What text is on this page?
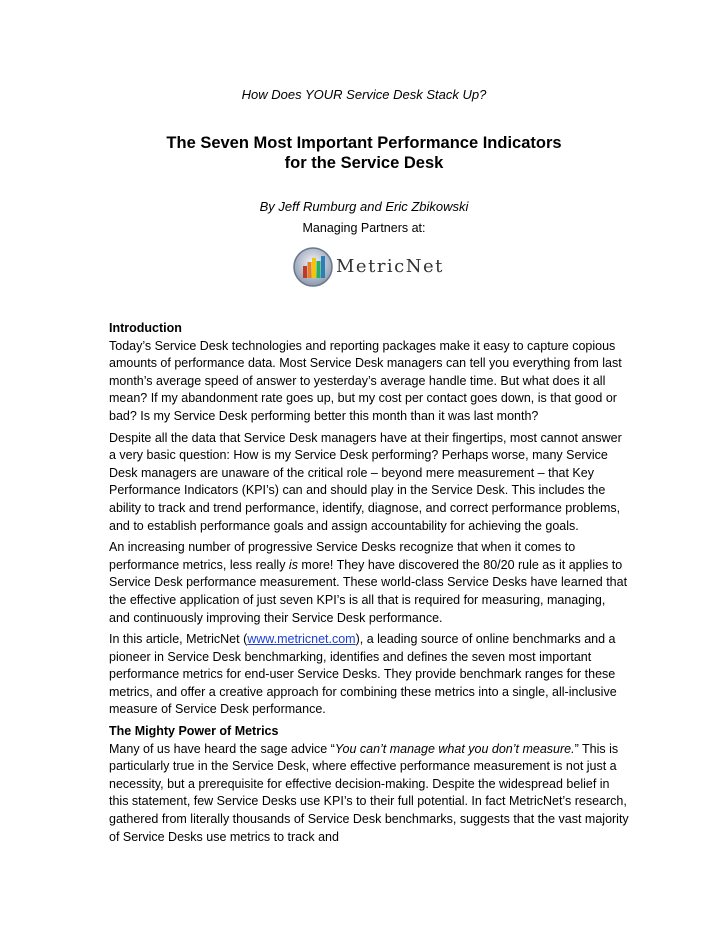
How Does YOUR Service Desk Stack Up?
The Seven Most Important Performance Indicators
for the Service Desk
By Jeff Rumburg and Eric Zbikowski
Managing Partners at:
MetricNet
Introduction

Today’s Service Desk technologies and reporting packages make it easy to capture copious amounts of performance data. Most Service Desk managers can tell you everything from last month’s average speed of answer to yesterday’s average handle time. But what does it all mean? If my abandonment rate goes up, but my cost per contact goes down, is that good or bad? Is my Service Desk performing better this month than it was last month?

Despite all the data that Service Desk managers have at their fingertips, most cannot answer a very basic question: How is my Service Desk performing? Perhaps worse, many Service Desk managers are unaware of the critical role – beyond mere measurement – that Key Performance Indicators (KPI’s) can and should play in the Service Desk. This includes the ability to track and trend performance, identify, diagnose, and correct performance problems, and to establish performance goals and assign accountability for achieving the goals.

An increasing number of progressive Service Desks recognize that when it comes to performance metrics, less really is more! They have discovered the 80/20 rule as it applies to Service Desk performance measurement. These world-class Service Desks have learned that the effective application of just seven KPI’s is all that is required for measuring, managing, and continuously improving their Service Desk performance.

In this article, MetricNet (www.metricnet.com), a leading source of online benchmarks and a pioneer in Service Desk benchmarking, identifies and defines the seven most important performance metrics for end-user Service Desks. They provide benchmark ranges for these metrics, and offer a creative approach for combining these metrics into a single, all-inclusive measure of Service Desk performance.

The Mighty Power of Metrics

Many of us have heard the sage advice “You can’t manage what you don’t measure.” This is particularly true in the Service Desk, where effective performance measurement is not just a necessity, but a prerequisite for effective decision-making. Despite the widespread belief in this statement, few Service Desks use KPI’s to their full potential. In fact MetricNet’s research, gathered from literally thousands of Service Desk benchmarks, suggests that the vast majority of Service Desks use metrics to track and
